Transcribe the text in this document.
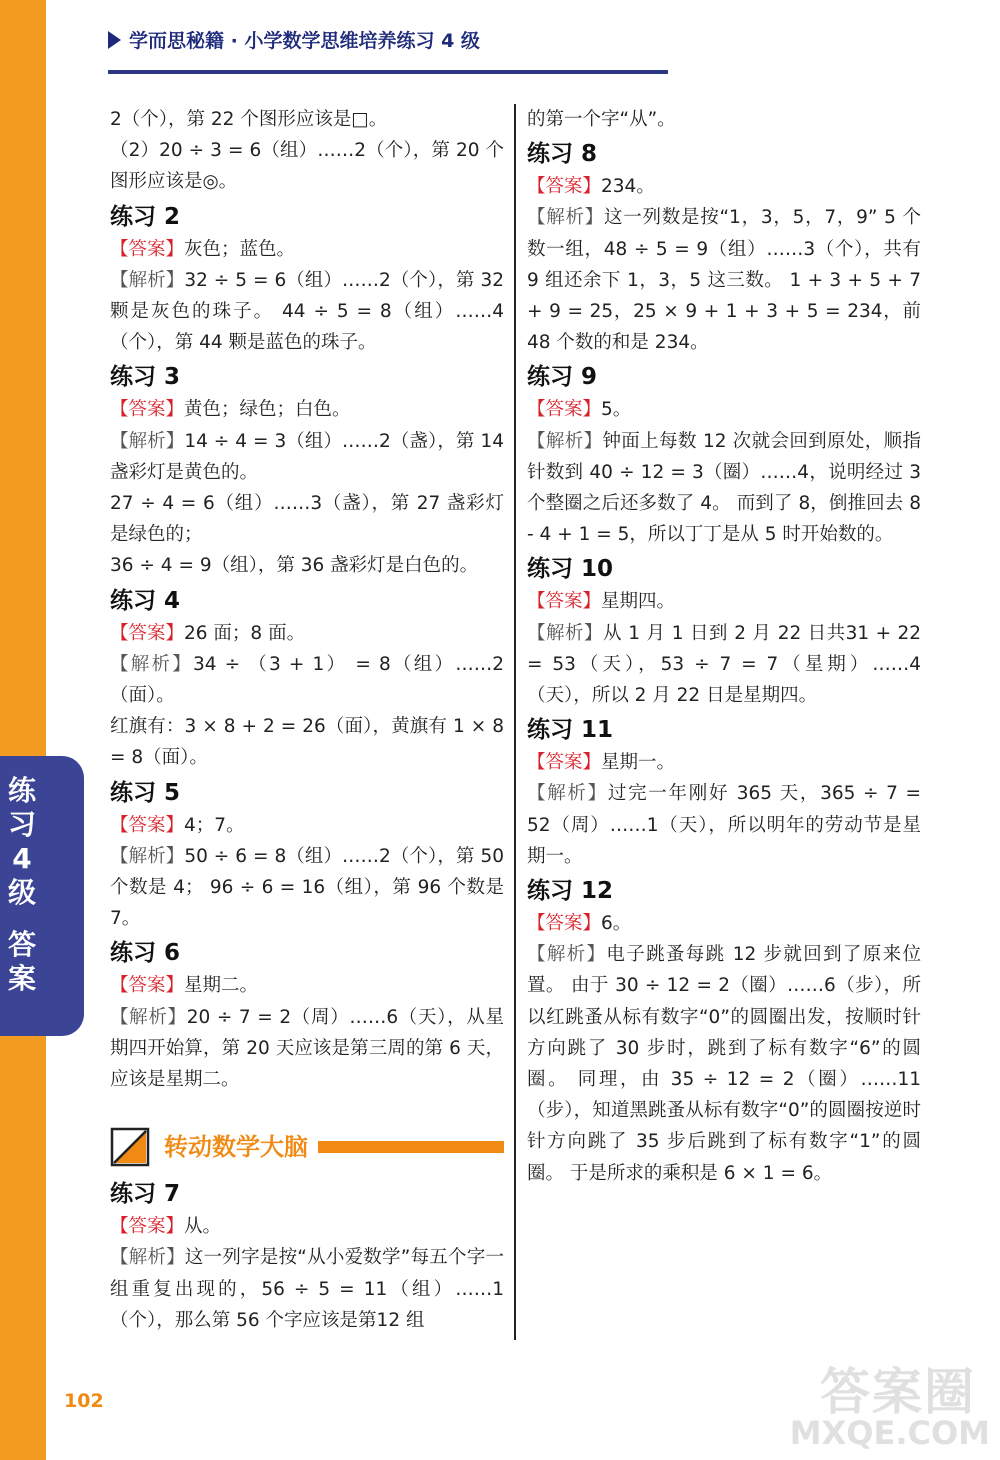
练
习
4
级
答
案
学而思秘籍 · 小学数学思维培养练习 4 级

2（个），第 22 个图形应该是□。

（2）20 ÷ 3 = 6（组）……2（个），第 20 个图形应该是◎。

练习 2

【答案】灰色；蓝色。

【解析】32 ÷ 5 = 6（组）……2（个），第 32 颗是灰色的珠子。 44 ÷ 5 = 8（组）……4（个），第 44 颗是蓝色的珠子。

练习 3

【答案】黄色；绿色；白色。

【解析】14 ÷ 4 = 3（组）……2（盏），第 14 盏彩灯是黄色的。

27 ÷ 4 = 6（组）……3（盏），第 27 盏彩灯是绿色的；

36 ÷ 4 = 9（组），第 36 盏彩灯是白色的。

练习 4

【答案】26 面；8 面。

【解析】34 ÷ （3 + 1） = 8（组）……2（面）。

红旗有：3 × 8 + 2 = 26（面），黄旗有 1 × 8 = 8（面）。

练习 5

【答案】4；7。

【解析】50 ÷ 6 = 8（组）……2（个），第 50 个数是 4； 96 ÷ 6 = 16（组），第 96 个数是 7。

练习 6

【答案】星期二。

【解析】20 ÷ 7 = 2（周）……6（天），从星期四开始算，第 20 天应该是第三周的第 6 天，应该是星期二。

转动数学大脑
练习 7

【答案】从。

【解析】这一列字是按“从小爱数学”每五个字一组重复出现的，56 ÷ 5 = 11（组）……1（个），那么第 56 个字应该是第12 组

的第一个字“从”。

练习 8

【答案】234。

【解析】这一列数是按“1，3，5，7，9” 5 个数一组，48 ÷ 5 = 9（组）……3（个），共有 9 组还余下 1，3，5 这三数。 1 + 3 + 5 + 7 + 9 = 25，25 × 9 + 1 + 3 + 5 = 234，前 48 个数的和是 234。

练习 9

【答案】5。

【解析】钟面上每数 12 次就会回到原处，顺指针数到 40 ÷ 12 = 3（圈）……4，说明经过 3 个整圈之后还多数了 4。 而到了 8，倒推回去 8 - 4 + 1 = 5，所以丁丁是从 5 时开始数的。

练习 10

【答案】星期四。

【解析】从 1 月 1 日到 2 月 22 日共31 + 22 = 53（天），53 ÷ 7 = 7（星期）……4（天），所以 2 月 22 日是星期四。

练习 11

【答案】星期一。

【解析】过完一年刚好 365 天，365 ÷ 7 = 52（周）……1（天），所以明年的劳动节是星期一。

练习 12

【答案】6。

【解析】电子跳蚤每跳 12 步就回到了原来位置。 由于 30 ÷ 12 = 2（圈）……6（步），所以红跳蚤从标有数字“0”的圆圈出发，按顺时针方向跳了 30 步时，跳到了标有数字“6”的圆圈。 同理，由 35 ÷ 12 = 2（圈）……11（步），知道黑跳蚤从标有数字“0”的圆圈按逆时针方向跳了 35 步后跳到了标有数字“1”的圆圈。 于是所求的乘积是 6 × 1 = 6。

102	答案圈
MXQE.COM
